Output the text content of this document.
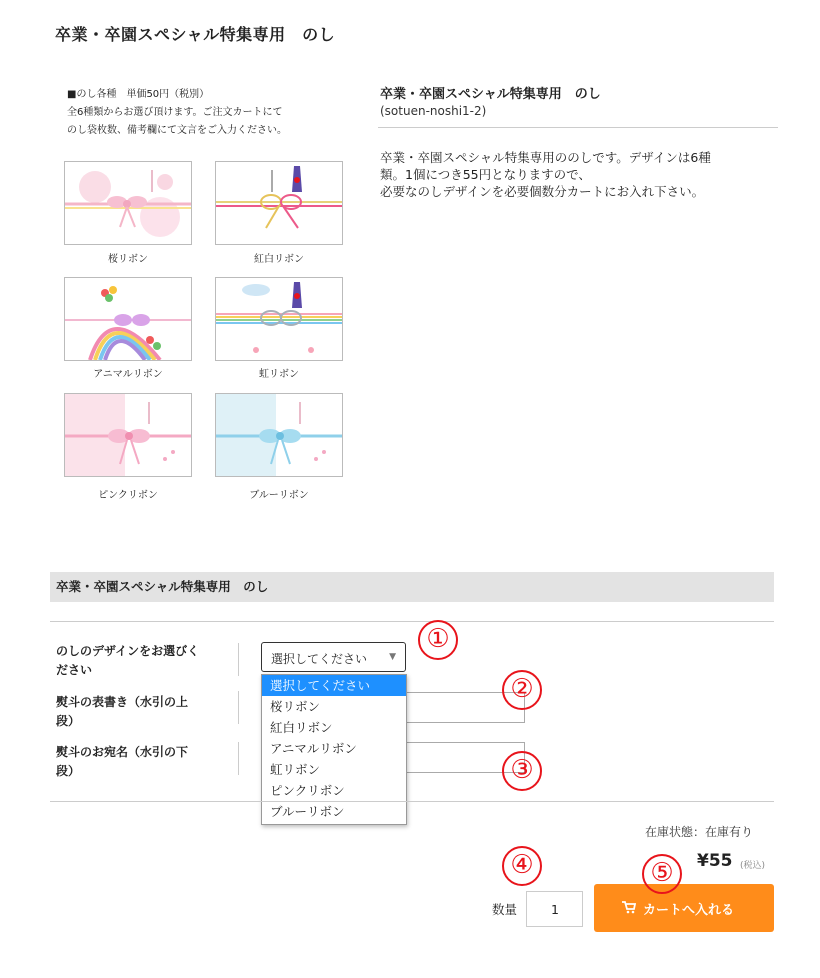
卒業・卒園スペシャル特集専用　のし
■のし各種　単価50円（税別）
全6種類からお選び頂けます。ご注文カートにて
のし袋枚数、備考欄にて文言をご入力ください。
桜リボン	紅白リボン
アニマルリボン	虹リボン
ピンクリボン	ブルーリボン
卒業・卒園スペシャル特集専用　のし
(sotuen-noshi1-2)
卒業・卒園スペシャル特集専用ののしです。デザインは6種
類。1個につき55円となりますので、
必要なのしデザインを必要個数分カートにお入れ下さい。
卒業・卒園スペシャル特集専用　のし
のしのデザインをお選びく
ださい
熨斗の表書き（水引の上
段）
熨斗のお宛名（水引の下
段）
選択してください ▼
選択してください
桜リボン
紅白リボン
アニマルリボン
虹リボン
ピンクリボン
ブルーリボン
在庫状態：在庫有り
¥55 (税込)
数量	1	カートへ入れる
①
②
③
④	⑤
